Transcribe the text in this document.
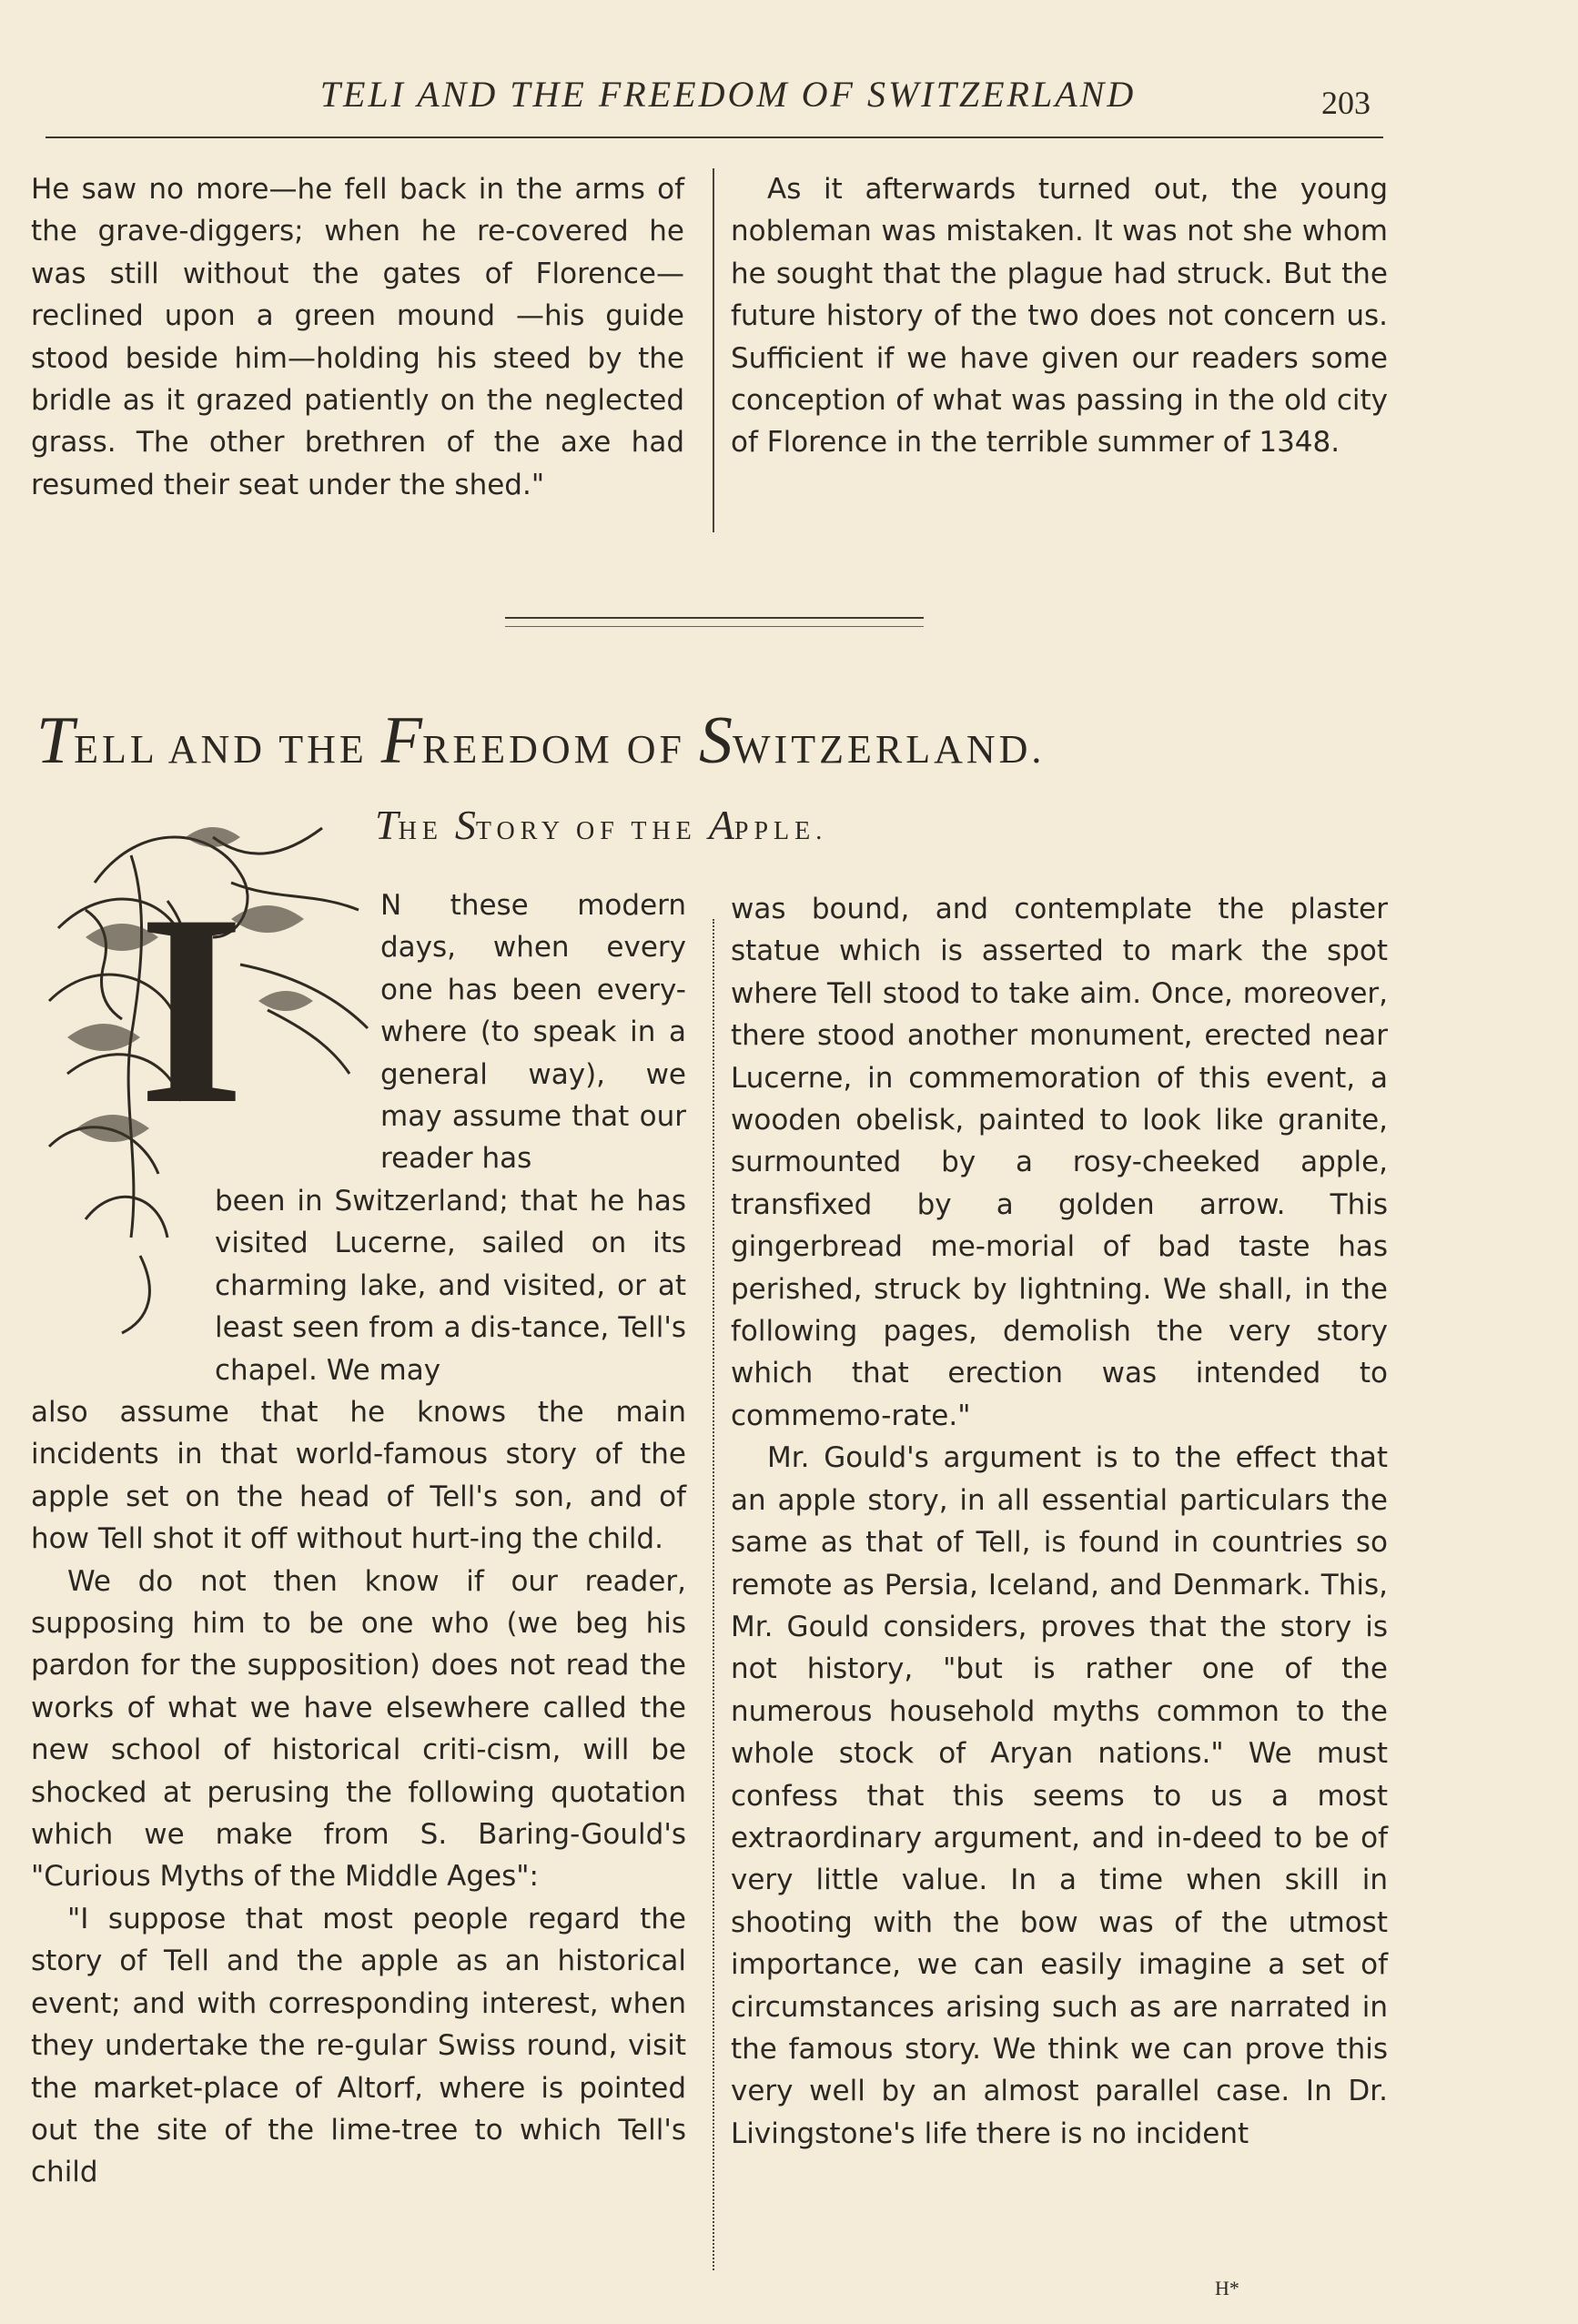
TELI AND THE FREEDOM OF SWITZERLAND	203

He saw no more—he fell back in the arms of the grave-diggers; when he re-covered he was still without the gates of Florence—reclined upon a green mound —his guide stood beside him—holding his steed by the bridle as it grazed patiently on the neglected grass. The other brethren of the axe had resumed their seat under the shed."

As it afterwards turned out, the young nobleman was mistaken. It was not she whom he sought that the plague had struck. But the future history of the two does not concern us. Sufficient if we have given our readers some conception of what was passing in the old city of Florence in the terrible summer of 1348.

TELL AND THE FREEDOM OF SWITZERLAND.
THE STORY OF THE APPLE.
I	N these modern days, when every one has been every-where (to speak in a general way), we may assume that our reader has

been in Switzerland; that he has visited Lucerne, sailed on its charming lake, and visited, or at least seen from a dis-tance, Tell's chapel. We may

also assume that he knows the main incidents in that world-famous story of the apple set on the head of Tell's son, and of how Tell shot it off without hurt-ing the child.

We do not then know if our reader, supposing him to be one who (we beg his pardon for the supposition) does not read the works of what we have elsewhere called the new school of historical criti-cism, will be shocked at perusing the following quotation which we make from S. Baring-Gould's "Curious Myths of the Middle Ages":

"I suppose that most people regard the story of Tell and the apple as an historical event; and with corresponding interest, when they undertake the re-gular Swiss round, visit the market-place of Altorf, where is pointed out the site of the lime-tree to which Tell's child

was bound, and contemplate the plaster statue which is asserted to mark the spot where Tell stood to take aim. Once, moreover, there stood another monument, erected near Lucerne, in commemoration of this event, a wooden obelisk, painted to look like granite, surmounted by a rosy-cheeked apple, transfixed by a golden arrow. This gingerbread me-morial of bad taste has perished, struck by lightning. We shall, in the following pages, demolish the very story which that erection was intended to commemo-rate."

Mr. Gould's argument is to the effect that an apple story, in all essential particulars the same as that of Tell, is found in countries so remote as Persia, Iceland, and Denmark. This, Mr. Gould considers, proves that the story is not history, "but is rather one of the numerous household myths common to the whole stock of Aryan nations." We must confess that this seems to us a most extraordinary argument, and in-deed to be of very little value. In a time when skill in shooting with the bow was of the utmost importance, we can easily imagine a set of circumstances arising such as are narrated in the famous story. We think we can prove this very well by an almost parallel case. In Dr. Livingstone's life there is no incident

H*
